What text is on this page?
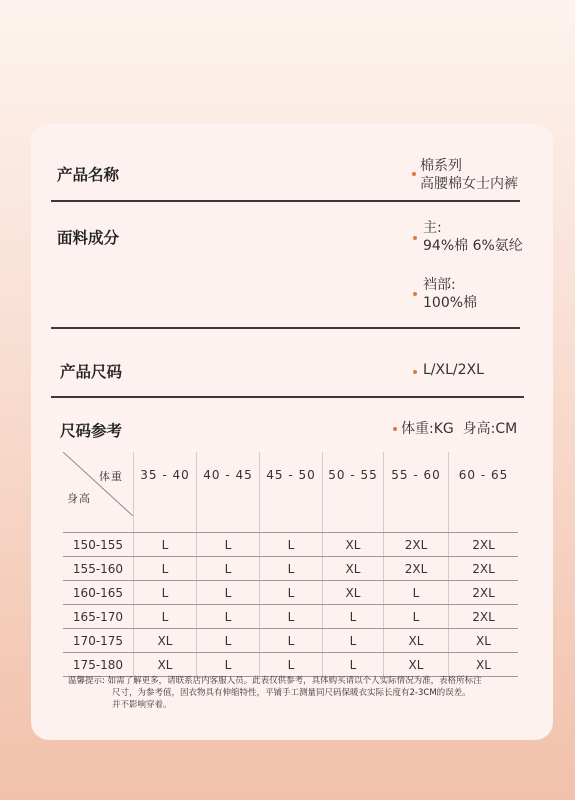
产品名称	棉系列
高腰棉女士内裤
面料成分
主:
94%棉 6%氨纶
裆部:
100%棉
产品尺码	L/XL/2XL
尺码参考	体重:KG  身高:CM
体重
身高	35 - 40	40 - 45	45 - 50	50 - 55	55 - 60	60 - 65
150-155	L	L	L	XL	2XL	2XL
155-160	L	L	L	XL	2XL	2XL
160-165	L	L	L	XL	L	2XL
165-170	L	L	L	L	L	2XL
170-175	XL	L	L	L	XL	XL
175-180	XL	L	L	L	XL	XL
温馨提示: 如需了解更多，请联系店内客服人员。此表仅供参考，具体购买请以个人实际情况为准，表格所标注
尺寸，为参考值，因衣物具有伸缩特性，平铺手工测量同尺码保暖衣实际长度有2-3CM的误差。
并不影响穿着。
